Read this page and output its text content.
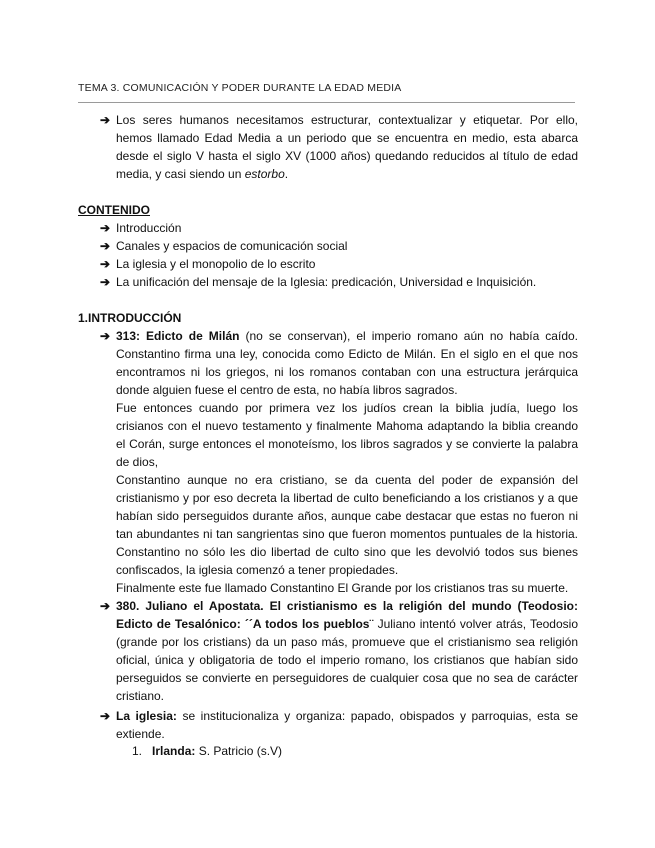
TEMA 3. COMUNICACIÓN Y PODER DURANTE LA EDAD MEDIA
➔ Los seres humanos necesitamos estructurar, contextualizar y etiquetar. Por ello, hemos llamado Edad Media a un periodo que se encuentra en medio, esta abarca desde el siglo V hasta el siglo XV (1000 años) quedando reducidos al título de edad media, y casi siendo un estorbo.
CONTENIDO
➔ Introducción
➔ Canales y espacios de comunicación social
➔ La iglesia y el monopolio de lo escrito
➔ La unificación del mensaje de la Iglesia: predicación, Universidad e Inquisición.
1.INTRODUCCIÓN
➔ 313: Edicto de Milán (no se conservan), el imperio romano aún no había caído. Constantino firma una ley, conocida como Edicto de Milán. En el siglo en el que nos encontramos ni los griegos, ni los romanos contaban con una estructura jerárquica donde alguien fuese el centro de esta, no había libros sagrados.

Fue entonces cuando por primera vez los judíos crean la biblia judía, luego los crisianos con el nuevo testamento y finalmente Mahoma adaptando la biblia creando el Corán, surge entonces el monoteísmo, los libros sagrados y se convierte la palabra de dios,

Constantino aunque no era cristiano, se da cuenta del poder de expansión del cristianismo y por eso decreta la libertad de culto beneficiando a los cristianos y a que habían sido perseguidos durante años, aunque cabe destacar que estas no fueron ni tan abundantes ni tan sangrientas sino que fueron momentos puntuales de la historia. Constantino no sólo les dio libertad de culto sino que les devolvió todos sus bienes confiscados, la iglesia comenzó a tener propiedades.

Finalmente este fue llamado Constantino El Grande por los cristianos tras su muerte.

➔ 380. Juliano el Apostata. El cristianismo es la religión del mundo (Teodosio: Edicto de Tesalónico: ´´A todos los pueblos¨ Juliano intentó volver atrás, Teodosio (grande por los cristians) da un paso más, promueve que el cristianismo sea religión oficial, única y obligatoria de todo el imperio romano, los cristianos que habían sido perseguidos se convierte en perseguidores de cualquier cosa que no sea de carácter cristiano.
➔ La iglesia: se institucionaliza y organiza: papado, obispados y parroquias, esta se extiende.
1. Irlanda: S. Patricio (s.V)
